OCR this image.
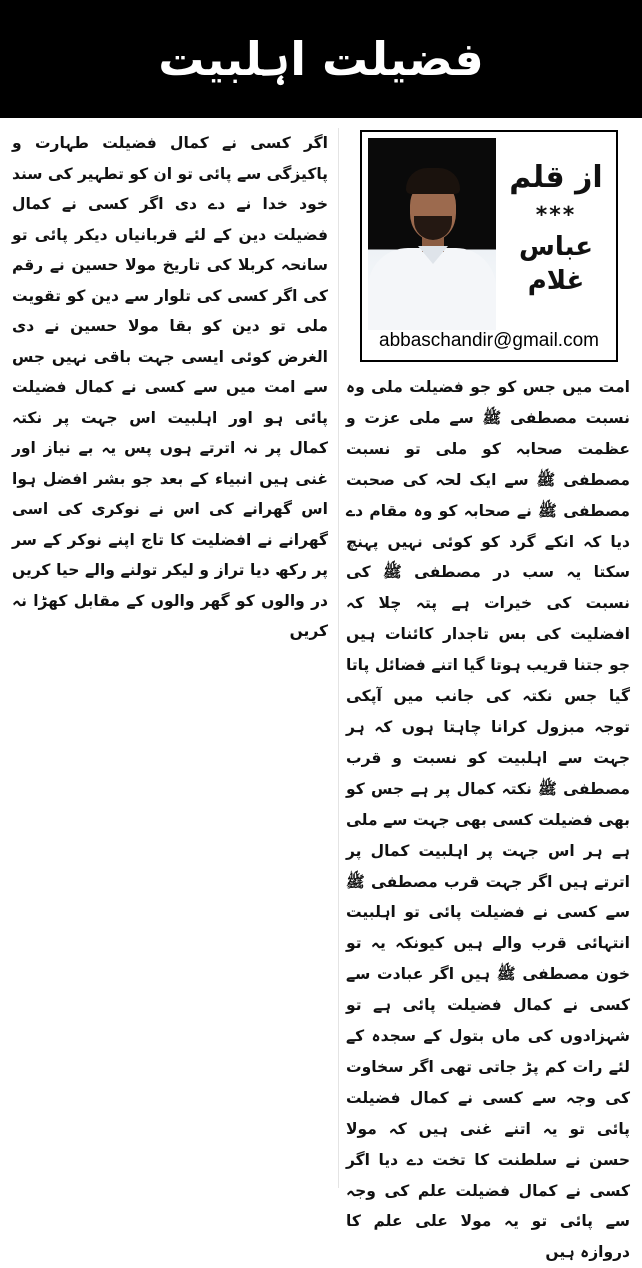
فضیلت اہلبیت

اگر کسی نے کمال فضیلت طہارت و پاکیزگی سے پائی تو ان کو تطہیر کی سند خود خدا نے دے دی اگر کسی نے کمال فضیلت دین کے لئے قربانیاں دیکر پائی تو سانحہ کربلا کی تاریخ مولا حسین نے رقم کی اگر کسی کی تلوار سے دین کو تقویت ملی تو دین کو بقا مولا حسین نے دی الغرض کوئی ایسی جہت باقی نہیں جس سے امت میں سے کسی نے کمال فضیلت پائی ہو اور اہلبیت اس جہت پر نکتہ کمال پر نہ اترتے ہوں پس یہ بے نیاز اور غنی ہیں انبیاء کے بعد جو بشر افضل ہوا اس گھرانے کی اس نے نوکری کی اسی گھرانے نے افضلیت کا تاج اپنے نوکر کے سر پر رکھ دیا تراز و لیکر تولنے والے حیا کریں در والوں کو گھر والوں کے مقابل کھڑا نہ کریں

از قلم
***
عباس
غلام
abbaschandir@gmail.com

امت میں جس کو جو فضیلت ملی وہ نسبت مصطفی ﷺ سے ملی عزت و عظمت صحابہ کو ملی تو نسبت مصطفی ﷺ سے ایک لحہ کی صحبت مصطفی ﷺ نے صحابہ کو وہ مقام دے دیا کہ انکے گرد کو کوئی نہیں پہنچ سکتا یہ سب در مصطفی ﷺ کی نسبت کی خیرات ہے پتہ چلا کہ افضلیت کی بس تاجدار کائنات ہیں جو جتنا قریب ہوتا گیا اتنے فضائل پاتا گیا جس نکتہ کی جانب میں آپکی توجہ مبزول کرانا چاہتا ہوں کہ ہر جہت سے اہلبیت کو نسبت و قرب مصطفی ﷺ نکتہ کمال پر ہے جس کو بھی فضیلت کسی بھی جہت سے ملی ہے ہر اس جہت پر اہلبیت کمال پر اترتے ہیں اگر جہت قرب مصطفی ﷺ سے کسی نے فضیلت پائی تو اہلبیت انتہائی قرب والے ہیں کیونکہ یہ تو خون مصطفی ﷺ ہیں اگر عبادت سے کسی نے کمال فضیلت پائی ہے تو شہزادوں کی ماں بتول کے سجدہ کے لئے رات کم پڑ جاتی تھی اگر سخاوت کی وجہ سے کسی نے کمال فضیلت پائی تو یہ اتنے غنی ہیں کہ مولا حسن نے سلطنت کا تخت دے دیا اگر کسی نے کمال فضیلت علم کی وجہ سے پائی تو یہ مولا علی علم کا دروازہ ہیں
